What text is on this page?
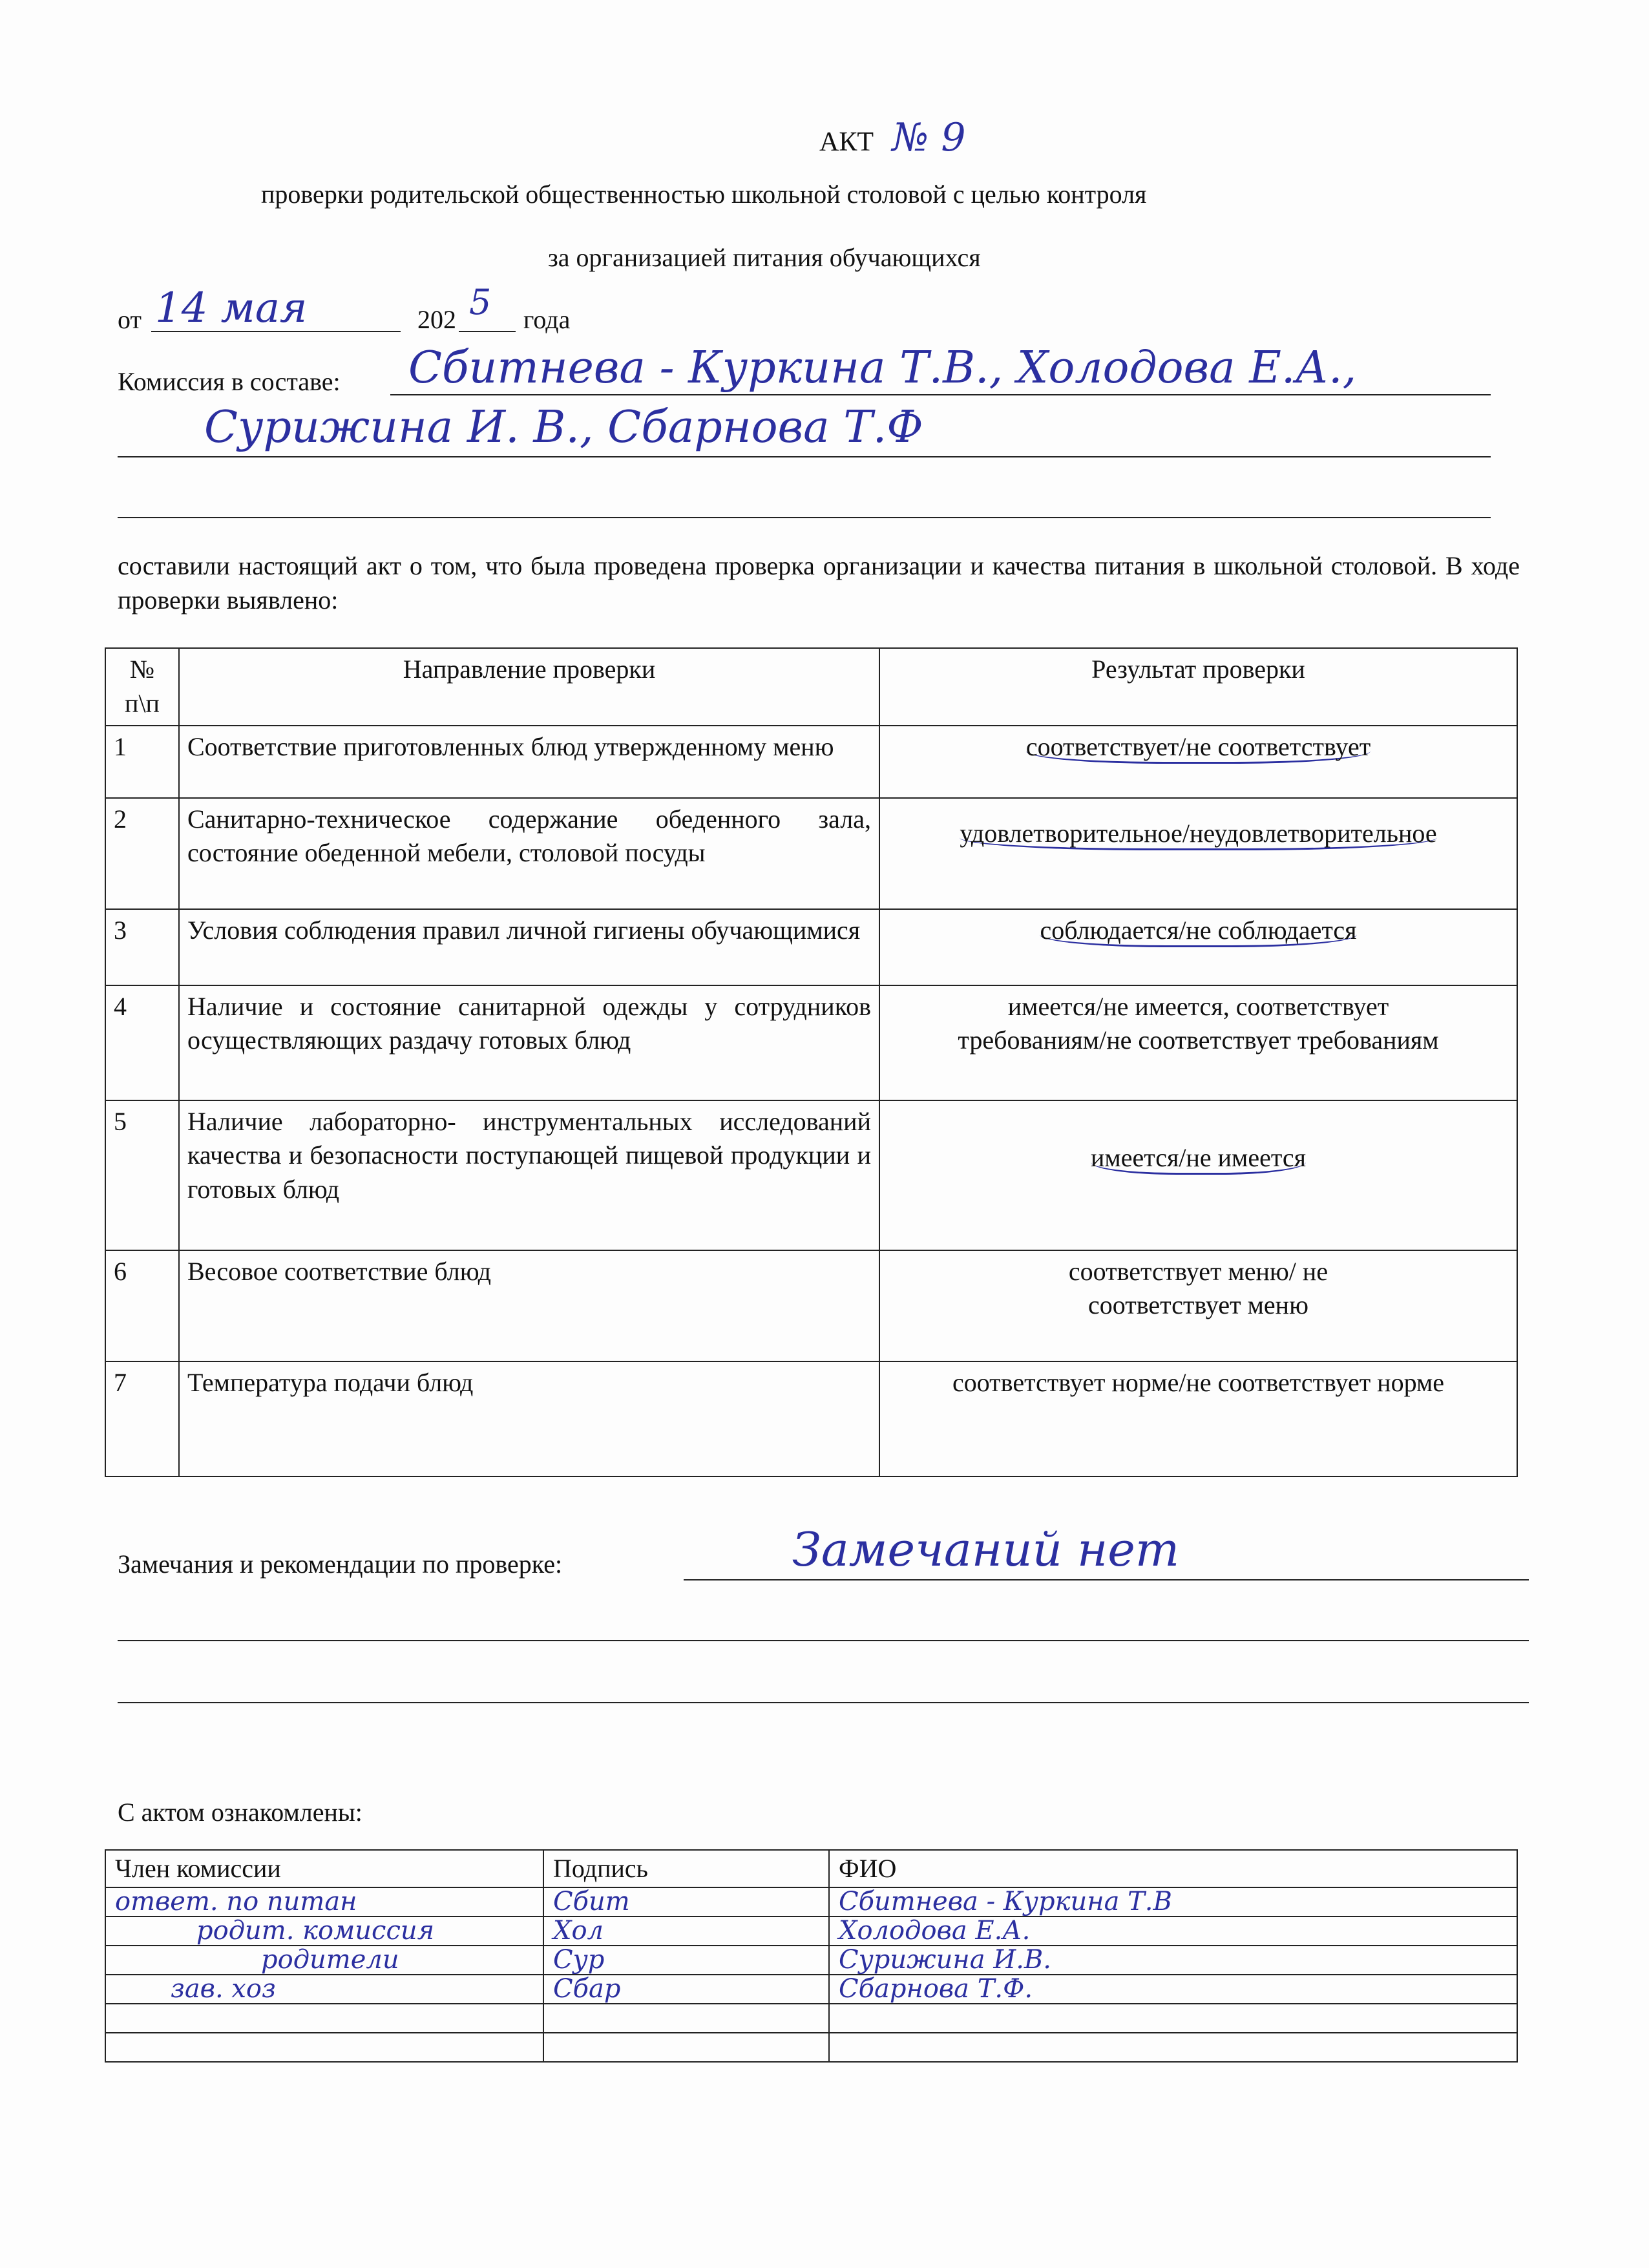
АКТ № 9
проверки родительской общественностью школьной столовой с целью контроля
за организацией питания обучающихся
от 14 мая	202 5 года
Комиссия в составе: Сбитнева - Куркина Т.В., Холодова Е.А.,
Сурижина И. В., Сбарнова Т.Ф
составили настоящий акт о том, что была проведена проверка организации и качества питания в школьной столовой. В ходе проверки выявлено:
№ п\п	Направление проверки	Результат проверки
1	Соответствие приготовленных блюд утвержденному меню	соответствует/не соответствует
2	Санитарно-техническое содержание обеденного зала, состояние обеденной мебели, столовой посуды	удовлетворительное/неудовлетворительное
3	Условия соблюдения правил личной гигиены обучающимися	соблюдается/не соблюдается
4	Наличие и состояние санитарной одежды у сотрудников осуществляющих раздачу готовых блюд	имеется/не имеется, соответствует требованиям/не соответствует требованиям
5	Наличие лабораторно- инструментальных исследований качества и безопасности поступающей пищевой продукции и готовых блюд	имеется/не имеется
6	Весовое соответствие блюд	соответствует меню/ не соответствует меню
7	Температура подачи блюд	соответствует норме/не соответствует норме
Замечания и рекомендации по проверке:	Замечаний нет
С актом ознакомлены:
Член комиссии	Подпись	ФИО
ответ. по питан	Сбит	Сбитнева - Куркина Т.В
родит. комиссия	Хол	Холодова Е.А.
родители	Сур	Сурижина И.В.
зав. хоз	Сбар	Сбарнова Т.Ф.
